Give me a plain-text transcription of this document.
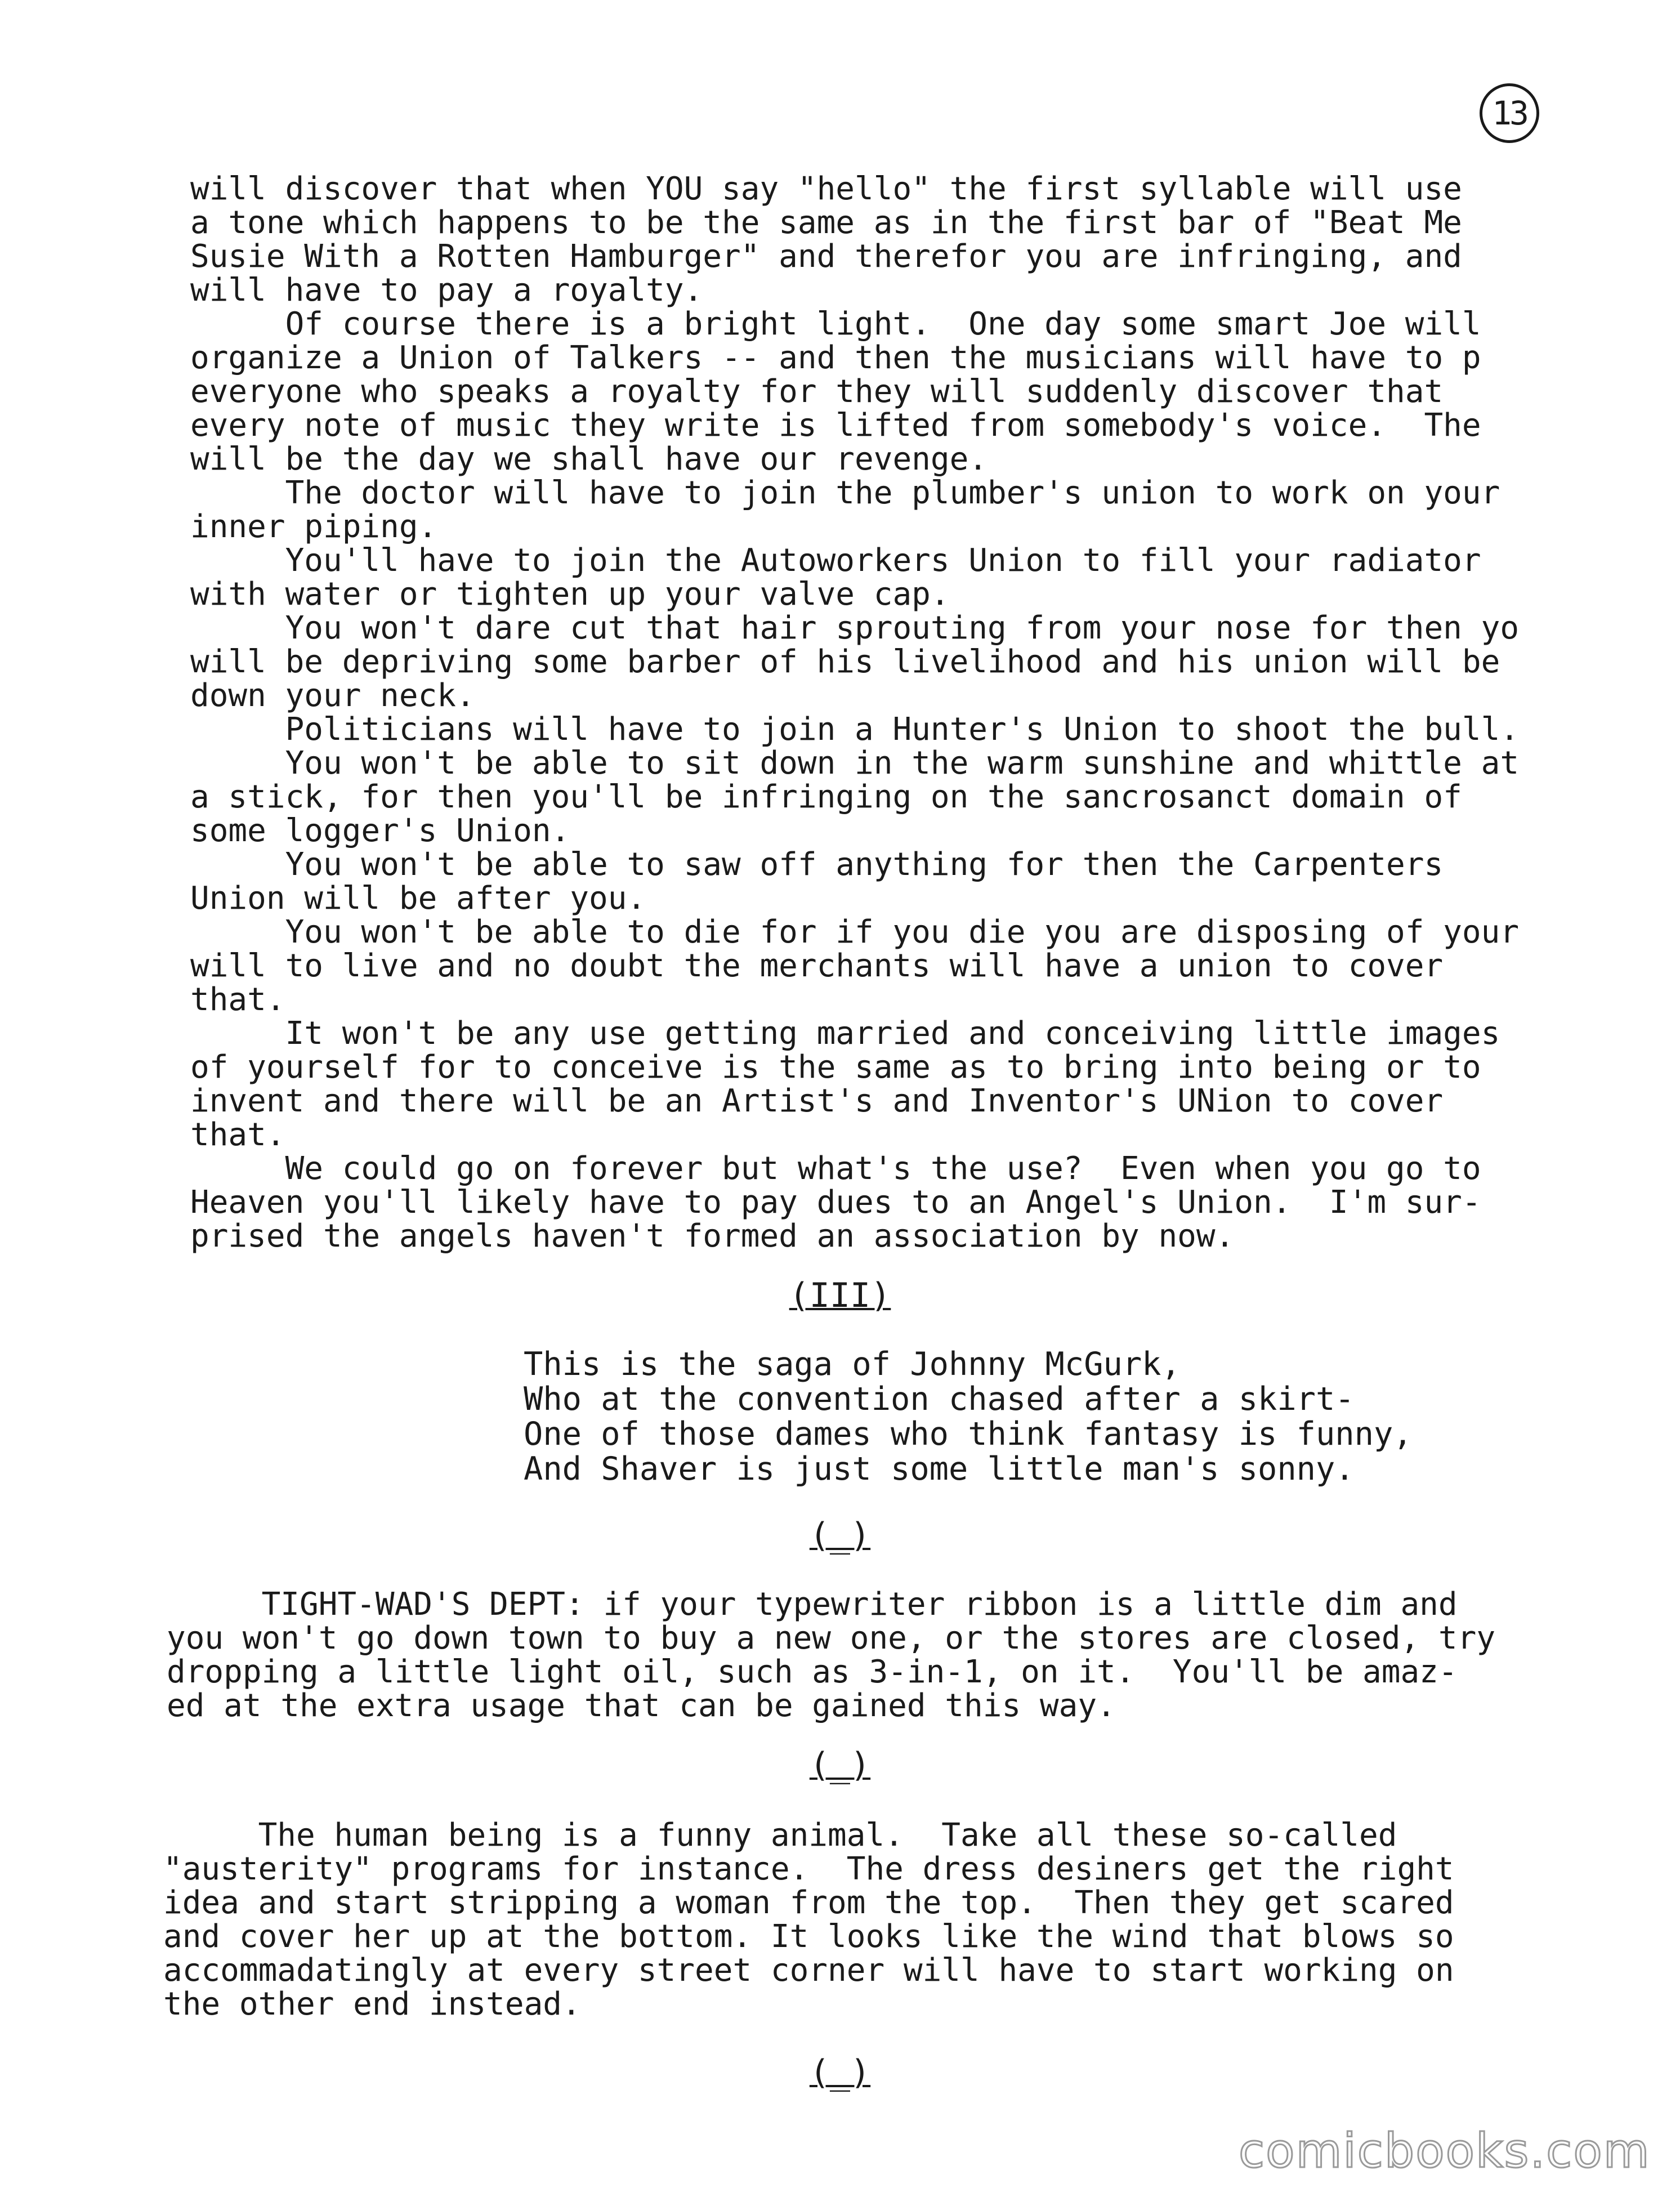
13
will discover that when YOU say "hello" the first syllable will use
a tone which happens to be the same as in the first bar of "Beat Me
Susie With a Rotten Hamburger" and therefor you are infringing, and
will have to pay a royalty.
Of course there is a bright light.  One day some smart Joe will
organize a Union of Talkers -- and then the musicians will have to p
everyone who speaks a royalty for they will suddenly discover that
every note of music they write is lifted from somebody's voice.  The
will be the day we shall have our revenge.
The doctor will have to join the plumber's union to work on your
inner piping.
You'll have to join the Autoworkers Union to fill your radiator
with water or tighten up your valve cap.
You won't dare cut that hair sprouting from your nose for then yo
will be depriving some barber of his livelihood and his union will be
down your neck.
Politicians will have to join a Hunter's Union to shoot the bull.
You won't be able to sit down in the warm sunshine and whittle at
a stick, for then you'll be infringing on the sancrosanct domain of
some logger's Union.
You won't be able to saw off anything for then the Carpenters
Union will be after you.
You won't be able to die for if you die you are disposing of your
will to live and no doubt the merchants will have a union to cover
that.
It won't be any use getting married and conceiving little images
of yourself for to conceive is the same as to bring into being or to
invent and there will be an Artist's and Inventor's UNion to cover
that.
We could go on forever but what's the use?  Even when you go to
Heaven you'll likely have to pay dues to an Angel's Union.  I'm sur-
prised the angels haven't formed an association by now.
(III)
This is the saga of Johnny McGurk,
Who at the convention chased after a skirt-
One of those dames who think fantasy is funny,
And Shaver is just some little man's sonny.
(_)
TIGHT-WAD'S DEPT: if your typewriter ribbon is a little dim and
you won't go down town to buy a new one, or the stores are closed, try
dropping a little light oil, such as 3-in-1, on it.  You'll be amaz-
ed at the extra usage that can be gained this way.
(_)
The human being is a funny animal.  Take all these so-called
"austerity" programs for instance.  The dress desiners get the right
idea and start stripping a woman from the top.  Then they get scared
and cover her up at the bottom. It looks like the wind that blows so
accommadatingly at every street corner will have to start working on
the other end instead.
(_)
comicbooks.com
